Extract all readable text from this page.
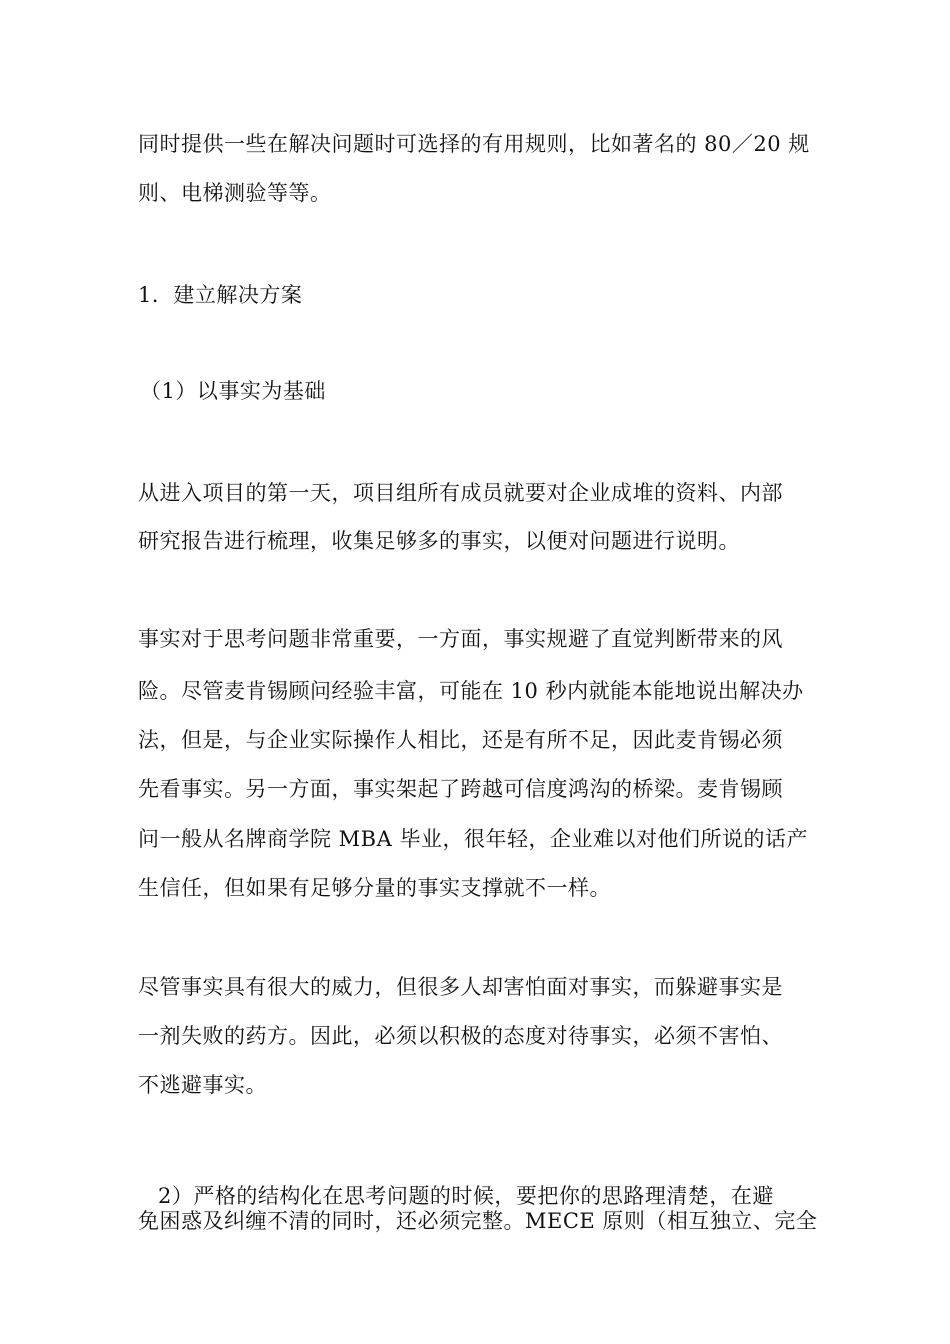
同时提供一些在解决问题时可选择的有用规则，比如著名的 80／20 规
则、电梯测验等等。
1．建立解决方案
（1）以事实为基础
从进入项目的第一天，项目组所有成员就要对企业成堆的资料、内部
研究报告进行梳理，收集足够多的事实，以便对问题进行说明。
事实对于思考问题非常重要，一方面，事实规避了直觉判断带来的风
险。尽管麦肯锡顾问经验丰富，可能在 10 秒内就能本能地说出解决办
法，但是，与企业实际操作人相比，还是有所不足，因此麦肯锡必须
先看事实。另一方面，事实架起了跨越可信度鸿沟的桥梁。麦肯锡顾
问一般从名牌商学院 MBA 毕业，很年轻，企业难以对他们所说的话产
生信任，但如果有足够分量的事实支撑就不一样。
尽管事实具有很大的威力，但很多人却害怕面对事实，而躲避事实是
一剂失败的药方。因此，必须以积极的态度对待事实，必须不害怕、
不逃避事实。
2）严格的结构化在思考问题的时候，要把你的思路理清楚，在避
免困惑及纠缠不清的同时，还必须完整。MECE 原则（相互独立、完全
